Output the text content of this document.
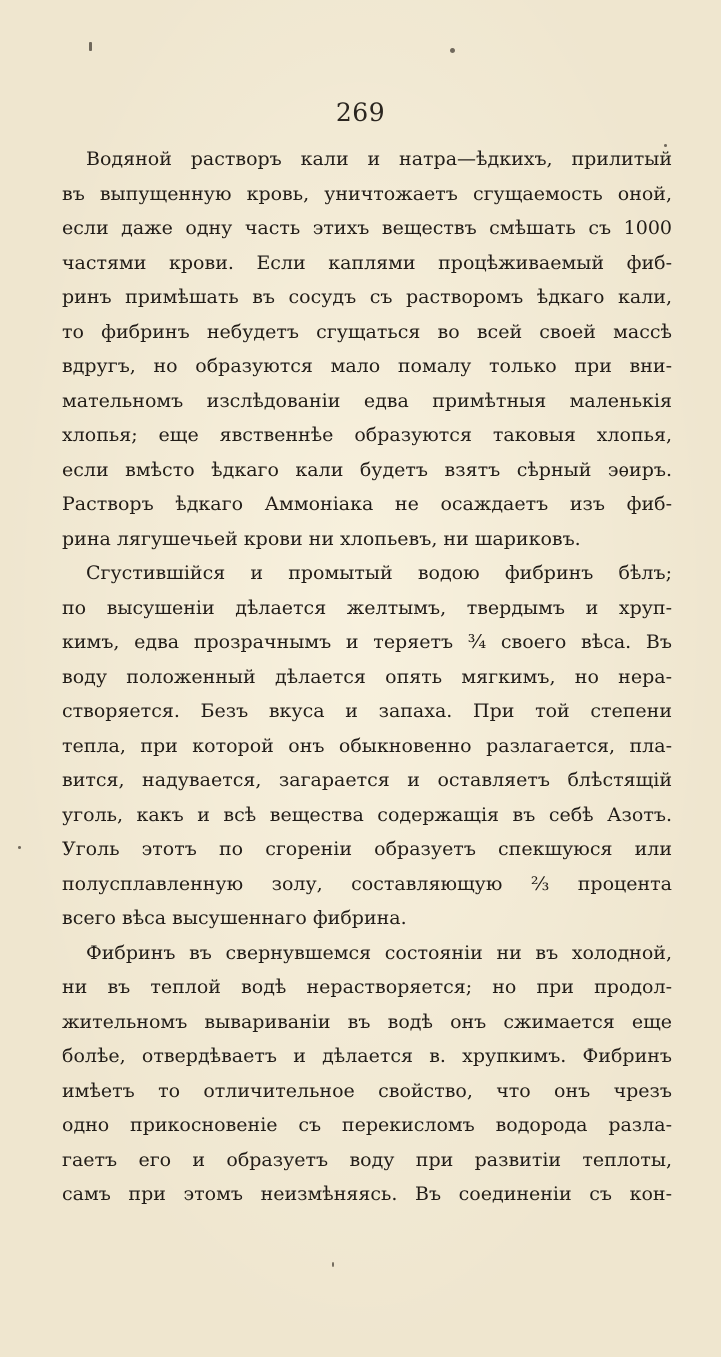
269
Водяной растворъ кали и натра—ѣдкихъ, прилитый
въ выпущенную кровь, уничтожаетъ сгущаемость оной,
если даже одну часть этихъ веществъ смѣшать съ 1000
частями крови. Если каплями процѣживаемый фиб-
ринъ примѣшать въ сосудъ съ растворомъ ѣдкаго кали,
то фибринъ небудетъ сгущаться во всей своей массѣ
вдругъ, но образуются мало помалу только при вни-
мательномъ изслѣдованіи едва примѣтныя маленькія
хлопья; еще явственнѣе образуются таковыя хлопья,
если вмѣсто ѣдкаго кали будетъ взятъ сѣрный эѳиръ.
Растворъ ѣдкаго Аммоніака не осаждаетъ изъ фиб-
рина лягушечьей крови ни хлопьевъ, ни шариковъ.
Сгустившійся и промытый водою фибринъ бѣлъ;
по высушеніи дѣлается желтымъ, твердымъ и хруп-
кимъ, едва прозрачнымъ и теряетъ ¾ своего вѣса. Въ
воду положенный дѣлается опять мягкимъ, но нера-
створяется. Безъ вкуса и запаха. При той степени
тепла, при которой онъ обыкновенно разлагается, пла-
вится, надувается, загарается и оставляетъ блѣстящій
уголь, какъ и всѣ вещества содержащія въ себѣ Азотъ.
Уголь этотъ по сгореніи образуетъ спекшуюся или
полусплавленную золу, составляющую ⅔ процента
всего вѣса высушеннаго фибрина.
Фибринъ въ свернувшемся состояніи ни въ холодной,
ни въ теплой водѣ нерастворяется; но при продол-
жительномъ вывариваніи въ водѣ онъ сжимается еще
болѣе, отвердѣваетъ и дѣлается в. хрупкимъ. Фибринъ
имѣетъ то отличительное свойство, что онъ чрезъ
одно прикосновеніе съ перекисломъ водорода разла-
гаетъ его и образуетъ воду при развитіи теплоты,
самъ при этомъ неизмѣняясь. Въ соединеніи съ кон-
